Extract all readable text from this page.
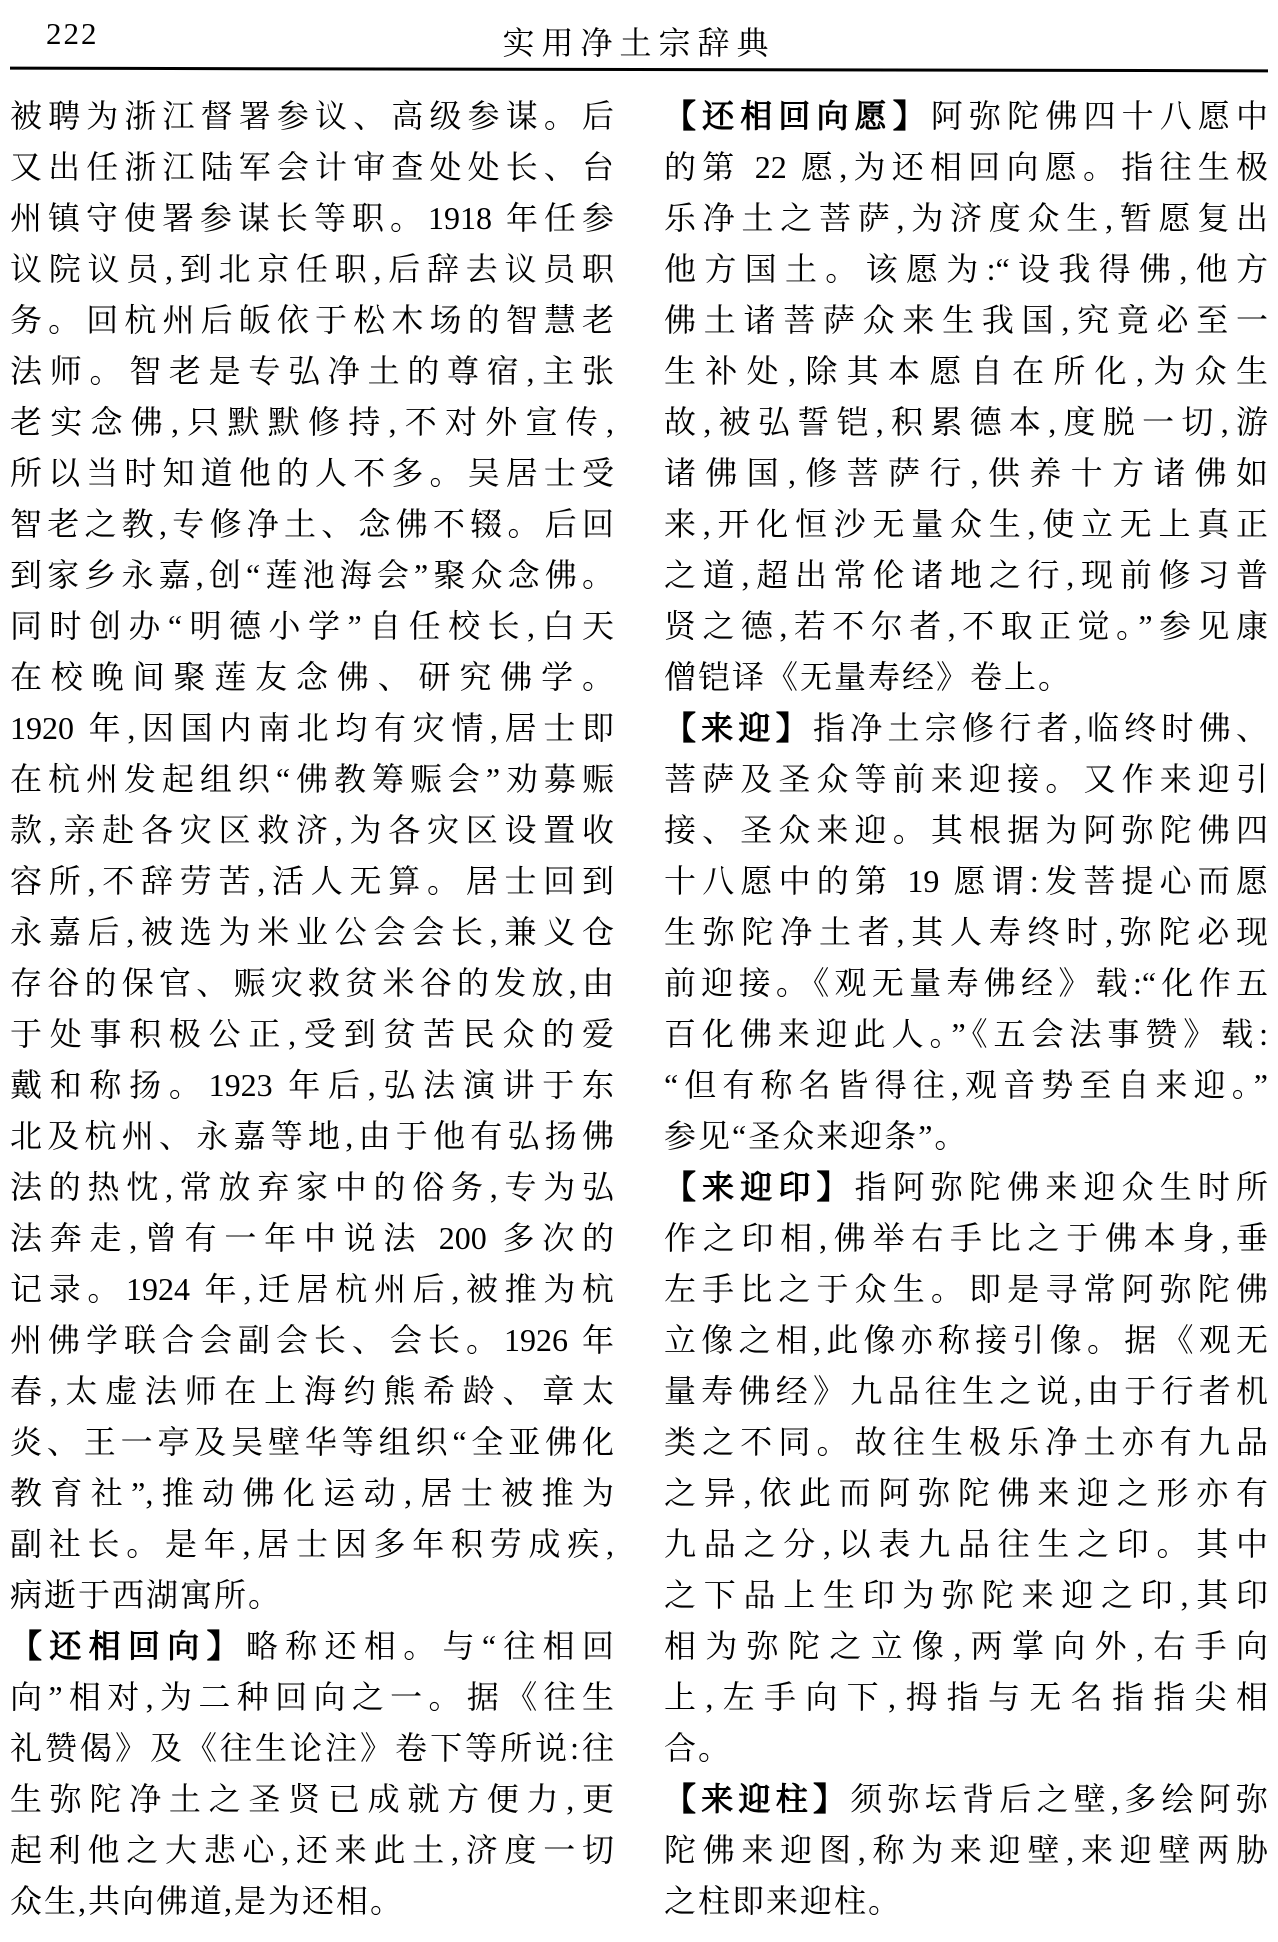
222	实用净土宗辞典
被聘为浙江督署参议、高级参谋。后
又出任浙江陆军会计审查处处长、台
州镇守使署参谋长等职。1918 年任参
议院议员,到北京任职,后辞去议员职
务。回杭州后皈依于松木场的智慧老
法师。智老是专弘净土的尊宿,主张
老实念佛,只默默修持,不对外宣传,
所以当时知道他的人不多。吴居士受
智老之教,专修净土、念佛不辍。后回
到家乡永嘉,创“莲池海会”聚众念佛。
同时创办“明德小学”自任校长,白天
在校晚间聚莲友念佛、研究佛学。
1920 年,因国内南北均有灾情,居士即
在杭州发起组织“佛教筹赈会”劝募赈
款,亲赴各灾区救济,为各灾区设置收
容所,不辞劳苦,活人无算。居士回到
永嘉后,被选为米业公会会长,兼义仓
存谷的保官、赈灾救贫米谷的发放,由
于处事积极公正,受到贫苦民众的爱
戴和称扬。1923 年后,弘法演讲于东
北及杭州、永嘉等地,由于他有弘扬佛
法的热忱,常放弃家中的俗务,专为弘
法奔走,曾有一年中说法 200 多次的
记录。1924 年,迁居杭州后,被推为杭
州佛学联合会副会长、会长。1926 年
春,太虚法师在上海约熊希龄、章太
炎、王一亭及吴壁华等组织“全亚佛化
教育社”,推动佛化运动,居士被推为
副社长。是年,居士因多年积劳成疾,
病逝于西湖寓所。
【还相回向】略称还相。与“往相回
向”相对,为二种回向之一。据《往生
礼赞偈》及《往生论注》卷下等所说:往
生弥陀净土之圣贤已成就方便力,更
起利他之大悲心,还来此土,济度一切
众生,共向佛道,是为还相。
【还相回向愿】阿弥陀佛四十八愿中
的第 22 愿,为还相回向愿。指往生极
乐净土之菩萨,为济度众生,暂愿复出
他方国土。该愿为:“设我得佛,他方
佛土诸菩萨众来生我国,究竟必至一
生补处,除其本愿自在所化,为众生
故,被弘誓铠,积累德本,度脱一切,游
诸佛国,修菩萨行,供养十方诸佛如
来,开化恒沙无量众生,使立无上真正
之道,超出常伦诸地之行,现前修习普
贤之德,若不尔者,不取正觉。”参见康
僧铠译《无量寿经》卷上。
【来迎】指净土宗修行者,临终时佛、
菩萨及圣众等前来迎接。又作来迎引
接、圣众来迎。其根据为阿弥陀佛四
十八愿中的第 19 愿谓:发菩提心而愿
生弥陀净土者,其人寿终时,弥陀必现
前迎接。《观无量寿佛经》载:“化作五
百化佛来迎此人。”《五会法事赞》载:
“但有称名皆得往,观音势至自来迎。”
参见“圣众来迎条”。
【来迎印】指阿弥陀佛来迎众生时所
作之印相,佛举右手比之于佛本身,垂
左手比之于众生。即是寻常阿弥陀佛
立像之相,此像亦称接引像。据《观无
量寿佛经》九品往生之说,由于行者机
类之不同。故往生极乐净土亦有九品
之异,依此而阿弥陀佛来迎之形亦有
九品之分,以表九品往生之印。其中
之下品上生印为弥陀来迎之印,其印
相为弥陀之立像,两掌向外,右手向
上,左手向下,拇指与无名指指尖相
合。
【来迎柱】须弥坛背后之壁,多绘阿弥
陀佛来迎图,称为来迎壁,来迎壁两胁
之柱即来迎柱。
